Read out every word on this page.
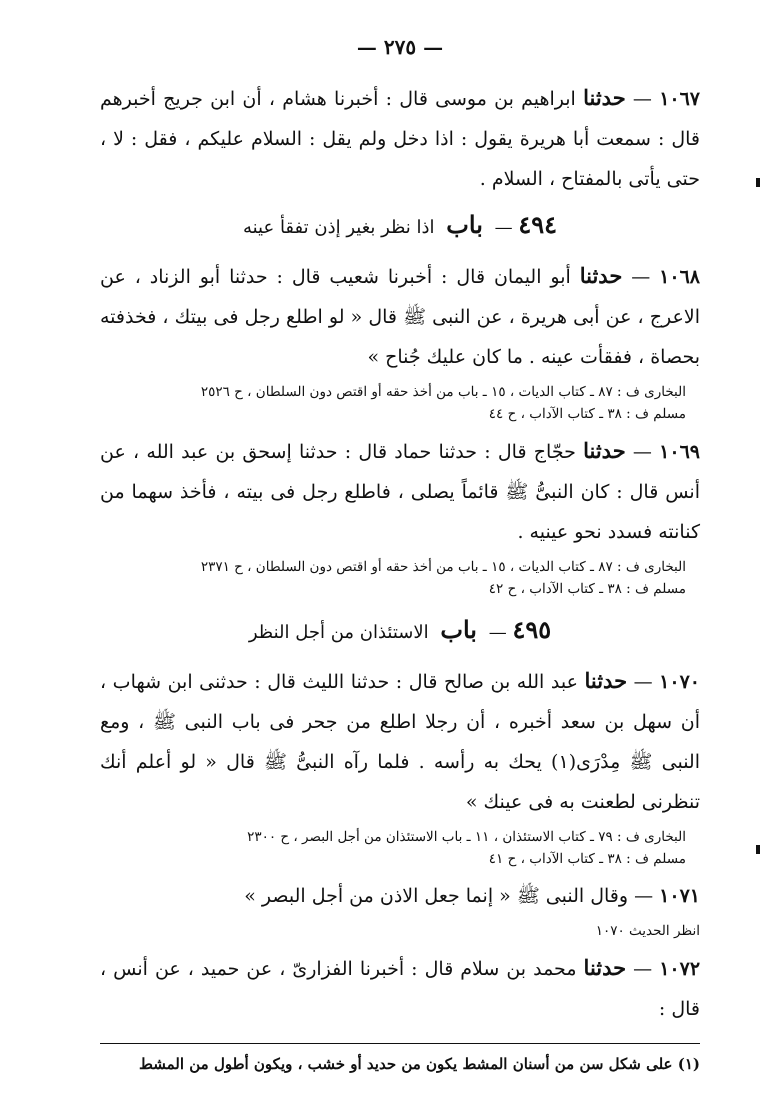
— ٢٧٥ —

١٠٦٧ — حدثنا ابراهيم بن موسى قال : أخبرنا هشام ، أن ابن جريج أخبرهم قال : سمعت أبا هريرة يقول : اذا دخل ولم يقل : السلام عليكم ، فقل : لا ، حتى يأتى بالمفتاح ، السلام .

٤٩٤ — باب اذا نظر بغير إذن تفقأ عينه

١٠٦٨ — حدثنا أبو اليمان قال : أخبرنا شعيب قال : حدثنا أبو الزناد ، عن الاعرج ، عن أبى هريرة ، عن النبى ﷺ قال « لو اطلع رجل فى بيتك ، فخذفته بحصاة ، ففقأت عينه . ما كان عليك جُناح »

البخارى ف : ٨٧ ـ كتاب الديات ، ١٥ ـ باب من أخذ حقه أو اقتص دون السلطان ، ح ٢٥٢٦
مسلم ف : ٣٨ ـ كتاب الآداب ، ح ٤٤

١٠٦٩ — حدثنا حجّاج قال : حدثنا حماد قال : حدثنا إسحق بن عبد الله ، عن أنس قال : كان النبىُّ ﷺ قائماً يصلى ، فاطلع رجل فى بيته ، فأخذ سهما من كنانته فسدد نحو عينيه .

البخارى ف : ٨٧ ـ كتاب الديات ، ١٥ ـ باب من أخذ حقه أو اقتص دون السلطان ، ح ٢٣٧١
مسلم ف : ٣٨ ـ كتاب الآداب ، ح ٤٢
٤٩٥ — باب الاستئذان من أجل النظر

١٠٧٠ — حدثنا عبد الله بن صالح قال : حدثنا الليث قال : حدثنى ابن شهاب ، أن سهل بن سعد أخبره ، أن رجلا اطلع من جحر فى باب النبى ﷺ ، ومع النبى ﷺ مِدْرَى(١) يحك به رأسه . فلما رآه النبىُّ ﷺ قال « لو أعلم أنك تنظرنى لطعنت به فى عينك »

البخارى ف : ٧٩ ـ كتاب الاستئذان ، ١١ ـ باب الاستئذان من أجل البصر ، ح ٢٣٠٠
مسلم ف : ٣٨ ـ كتاب الآداب ، ح ٤١

١٠٧١ — وقال النبى ﷺ « إنما جعل الاذن من أجل البصر »

انظر الحديث ١٠٧٠

١٠٧٢ — حدثنا محمد بن سلام قال : أخبرنا الفزارىّ ، عن حميد ، عن أنس ، قال :

(١) على شكل سن من أسنان المشط يكون من حديد أو خشب ، ويكون أطول من المشط
